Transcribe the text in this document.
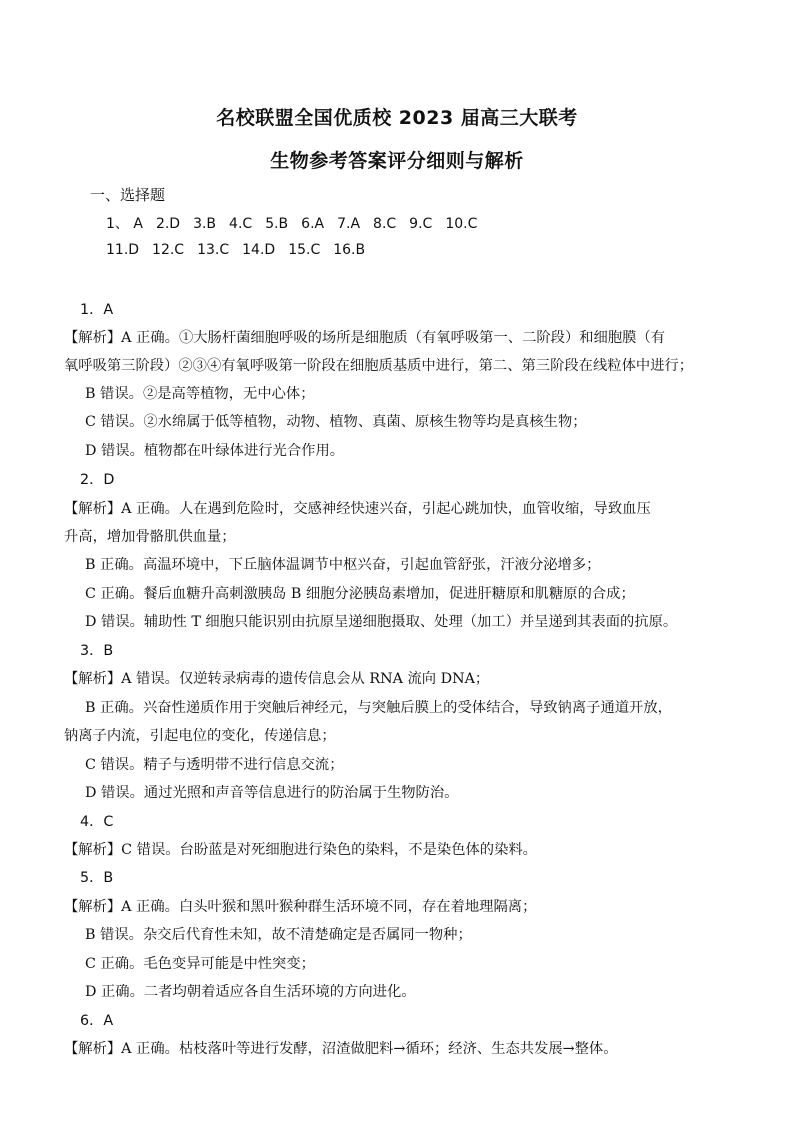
名校联盟全国优质校 2023 届高三大联考
生物参考答案评分细则与解析
一、选择题
1、 A 2.D 3.B 4.C 5.B 6.A 7.A 8.C 9.C 10.C
11.D 12.C 13.C 14.D 15.C 16.B
1．A
【解析】A 正确。①大肠杆菌细胞呼吸的场所是细胞质（有氧呼吸第一、二阶段）和细胞膜（有
氧呼吸第三阶段）②③④有氧呼吸第一阶段在细胞质基质中进行，第二、第三阶段在线粒体中进行；
B 错误。②是高等植物，无中心体；
C 错误。②水绵属于低等植物，动物、植物、真菌、原核生物等均是真核生物；
D 错误。植物都在叶绿体进行光合作用。
2．D
【解析】A 正确。人在遇到危险时，交感神经快速兴奋，引起心跳加快，血管收缩，导致血压
升高，增加骨骼肌供血量；
B 正确。高温环境中，下丘脑体温调节中枢兴奋，引起血管舒张，汗液分泌增多；
C 正确。餐后血糖升高刺激胰岛 B 细胞分泌胰岛素增加，促进肝糖原和肌糖原的合成；
D 错误。辅助性 T 细胞只能识别由抗原呈递细胞摄取、处理（加工）并呈递到其表面的抗原。
3．B
【解析】A 错误。仅逆转录病毒的遗传信息会从 RNA 流向 DNA；
B 正确。兴奋性递质作用于突触后神经元，与突触后膜上的受体结合，导致钠离子通道开放，
钠离子内流，引起电位的变化，传递信息；
C 错误。精子与透明带不进行信息交流；
D 错误。通过光照和声音等信息进行的防治属于生物防治。
4．C
【解析】C 错误。台盼蓝是对死细胞进行染色的染料，不是染色体的染料。
5．B
【解析】A 正确。白头叶猴和黑叶猴种群生活环境不同，存在着地理隔离；
B 错误。杂交后代育性未知，故不清楚确定是否属同一物种；
C 正确。毛色变异可能是中性突变；
D 正确。二者均朝着适应各自生活环境的方向进化。
6．A
【解析】A 正确。枯枝落叶等进行发酵，沼渣做肥料→循环；经济、生态共发展→整体。
